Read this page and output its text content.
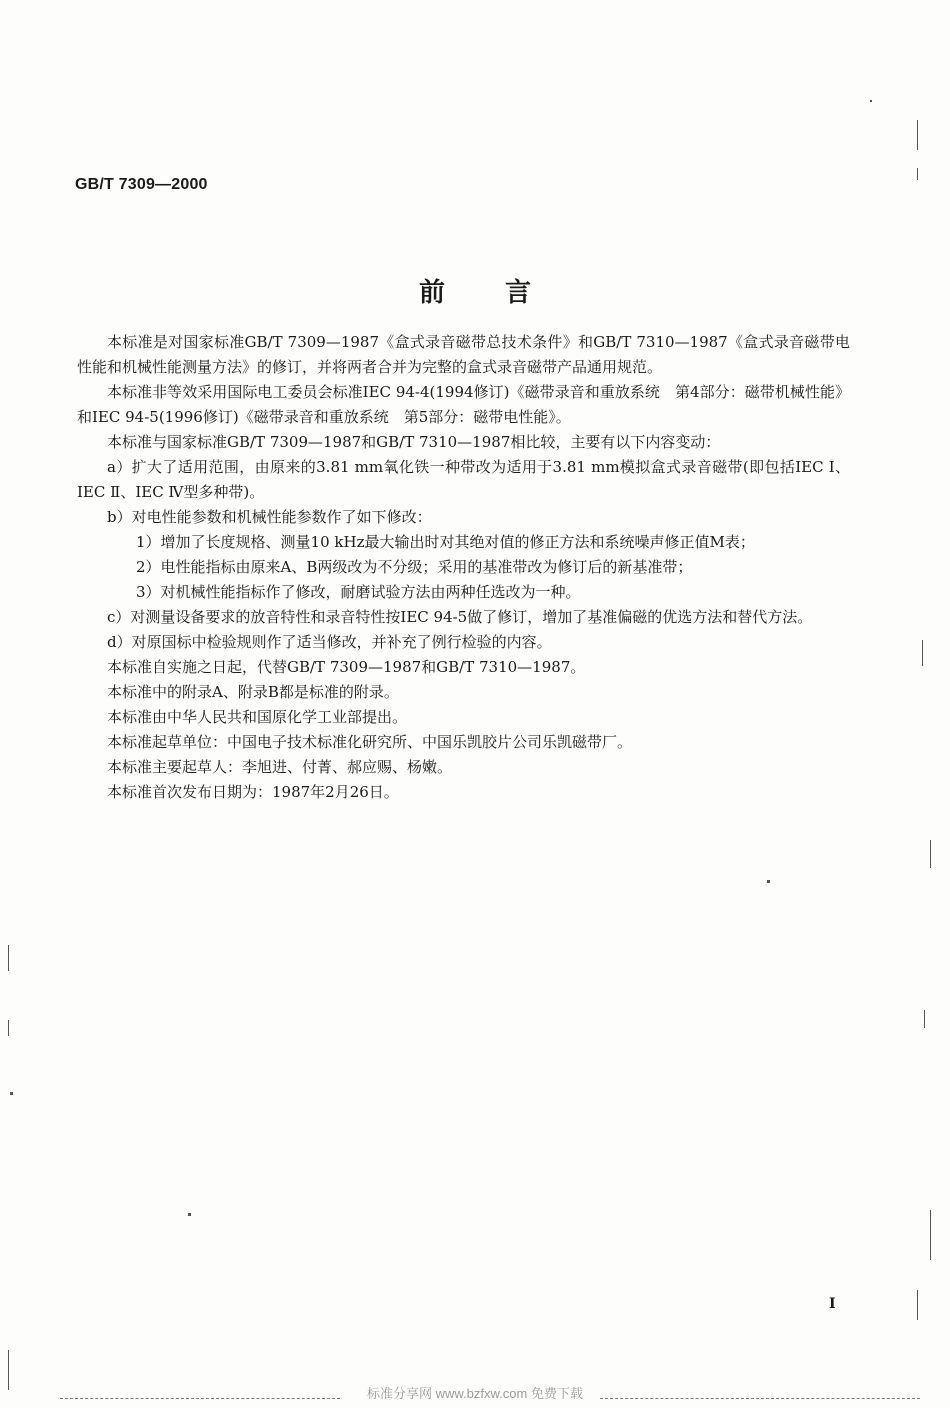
GB/T 7309—2000
前言

本标准是对国家标准GB/T 7309—1987《盒式录音磁带总技术条件》和GB/T 7310—1987《盒式录音磁带电性能和机械性能测量方法》的修订，并将两者合并为完整的盒式录音磁带产品通用规范。

本标准非等效采用国际电工委员会标准IEC 94-4(1994修订)《磁带录音和重放系统　第4部分：磁带机械性能》和IEC 94-5(1996修订)《磁带录音和重放系统　第5部分：磁带电性能》。

本标准与国家标准GB/T 7309—1987和GB/T 7310—1987相比较，主要有以下内容变动：

a）扩大了适用范围，由原来的3.81 mm氧化铁一种带改为适用于3.81 mm模拟盒式录音磁带(即包括IEC Ⅰ、IEC Ⅱ、IEC Ⅳ型多种带)。

b）对电性能参数和机械性能参数作了如下修改：

1）增加了长度规格、测量10 kHz最大输出时对其绝对值的修正方法和系统噪声修正值M表；

2）电性能指标由原来A、B两级改为不分级；采用的基准带改为修订后的新基准带；

3）对机械性能指标作了修改，耐磨试验方法由两种任选改为一种。

c）对测量设备要求的放音特性和录音特性按IEC 94-5做了修订，增加了基准偏磁的优选方法和替代方法。

d）对原国标中检验规则作了适当修改，并补充了例行检验的内容。

本标准自实施之日起，代替GB/T 7309—1987和GB/T 7310—1987。

本标准中的附录A、附录B都是标准的附录。

本标准由中华人民共和国原化学工业部提出。

本标准起草单位：中国电子技术标准化研究所、中国乐凯胶片公司乐凯磁带厂。

本标准主要起草人：李旭进、付菁、郝应赐、杨嫩。

本标准首次发布日期为：1987年2月26日。

Ⅰ
标准分享网 www.bzfxw.com 免费下载
